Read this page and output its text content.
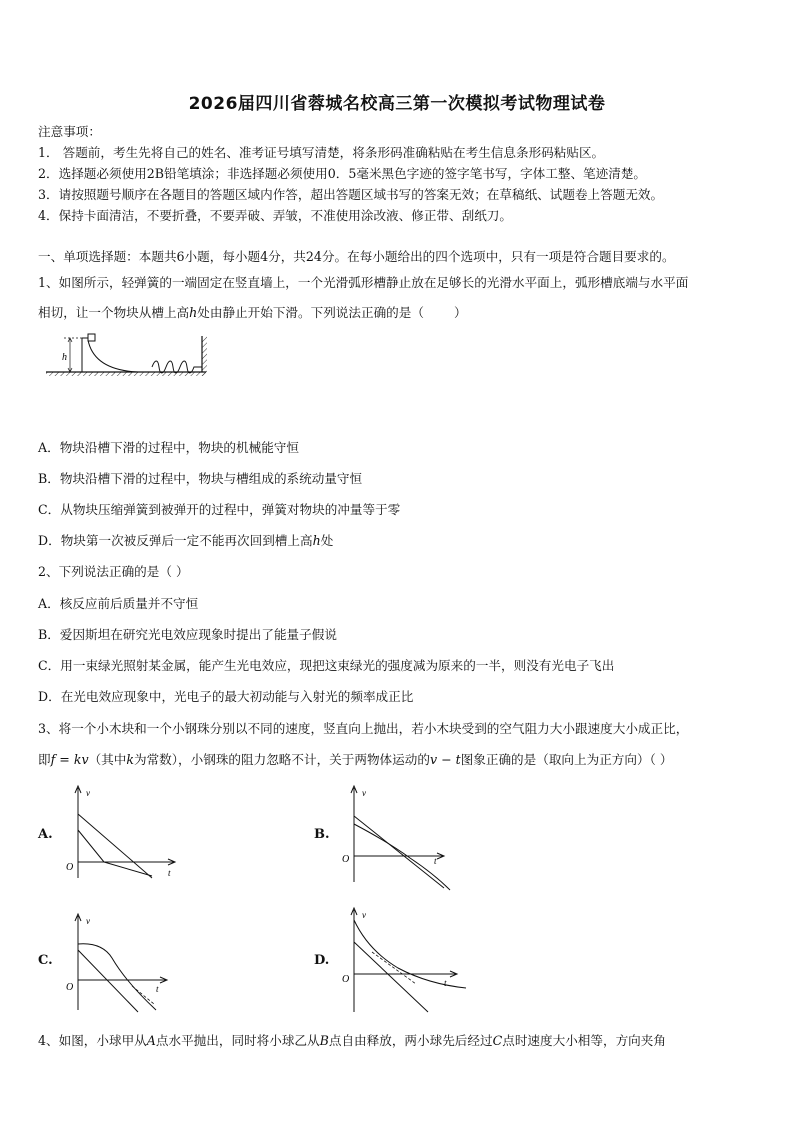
2026届四川省蓉城名校高三第一次模拟考试物理试卷
注意事项：
1． 答题前，考生先将自己的姓名、准考证号填写清楚，将条形码准确粘贴在考生信息条形码粘贴区。
2．选择题必须使用2B铅笔填涂；非选择题必须使用0．5毫米黑色字迹的签字笔书写，字体工整、笔迹清楚。
3．请按照题号顺序在各题目的答题区域内作答，超出答题区域书写的答案无效；在草稿纸、试题卷上答题无效。
4．保持卡面清洁，不要折叠，不要弄破、弄皱，不准使用涂改液、修正带、刮纸刀。
一、单项选择题：本题共6小题，每小题4分，共24分。在每小题给出的四个选项中，只有一项是符合题目要求的。
1、如图所示，轻弹簧的一端固定在竖直墙上，一个光滑弧形槽静止放在足够长的光滑水平面上，弧形槽底端与水平面
相切，让一个物块从槽上高h处由静止开始下滑。下列说法正确的是（ ）
h
A．物块沿槽下滑的过程中，物块的机械能守恒
B．物块沿槽下滑的过程中，物块与槽组成的系统动量守恒
C．从物块压缩弹簧到被弹开的过程中，弹簧对物块的冲量等于零
D．物块第一次被反弹后一定不能再次回到槽上高h处
2、下列说法正确的是（ ）
A．核反应前后质量并不守恒
B．爱因斯坦在研究光电效应现象时提出了能量子假说
C．用一束绿光照射某金属，能产生光电效应，现把这束绿光的强度减为原来的一半，则没有光电子飞出
D．在光电效应现象中，光电子的最大初动能与入射光的频率成正比
3、将一个小木块和一个小钢珠分别以不同的速度，竖直向上抛出，若小木块受到的空气阻力大小跟速度大小成正比，
即f = kv（其中k为常数），小钢珠的阻力忽略不计，关于两物体运动的v − t图象正确的是（取向上为正方向）（ ）
A.
v
t
O
B.
v
t
O
C.
v
t
O
D.
v
t
O
4、如图，小球甲从A点水平抛出，同时将小球乙从B点自由释放，两小球先后经过C点时速度大小相等，方向夹角
